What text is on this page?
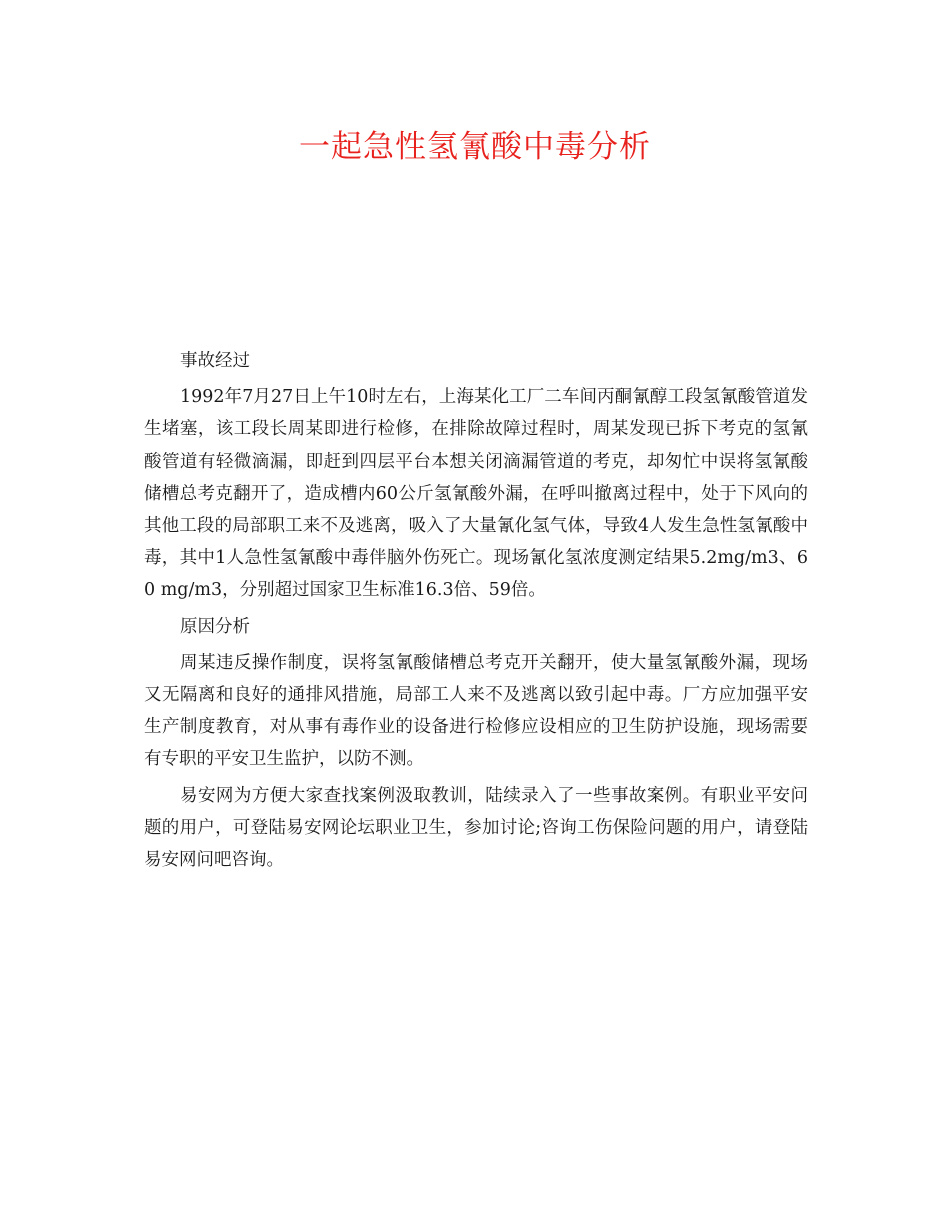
一起急性氢氰酸中毒分析

事故经过

1992年7月27日上午10时左右，上海某化工厂二车间丙酮氰醇工段氢氰酸管道发生堵塞，该工段长周某即进行检修，在排除故障过程时，周某发现已拆下考克的氢氰酸管道有轻微滴漏，即赶到四层平台本想关闭滴漏管道的考克，却匆忙中误将氢氰酸储槽总考克翻开了，造成槽内60公斤氢氰酸外漏，在呼叫撤离过程中，处于下风向的其他工段的局部职工来不及逃离，吸入了大量氰化氢气体，导致4人发生急性氢氰酸中毒，其中1人急性氢氰酸中毒伴脑外伤死亡。现场氰化氢浓度测定结果5.2mg/m3、60 mg/m3，分别超过国家卫生标准16.3倍、59倍。

原因分析

周某违反操作制度，误将氢氰酸储槽总考克开关翻开，使大量氢氰酸外漏，现场又无隔离和良好的通排风措施，局部工人来不及逃离以致引起中毒。厂方应加强平安生产制度教育，对从事有毒作业的设备进行检修应设相应的卫生防护设施，现场需要有专职的平安卫生监护，以防不测。

易安网为方便大家查找案例汲取教训，陆续录入了一些事故案例。有职业平安问题的用户，可登陆易安网论坛职业卫生，参加讨论;咨询工伤保险问题的用户，请登陆易安网问吧咨询。
